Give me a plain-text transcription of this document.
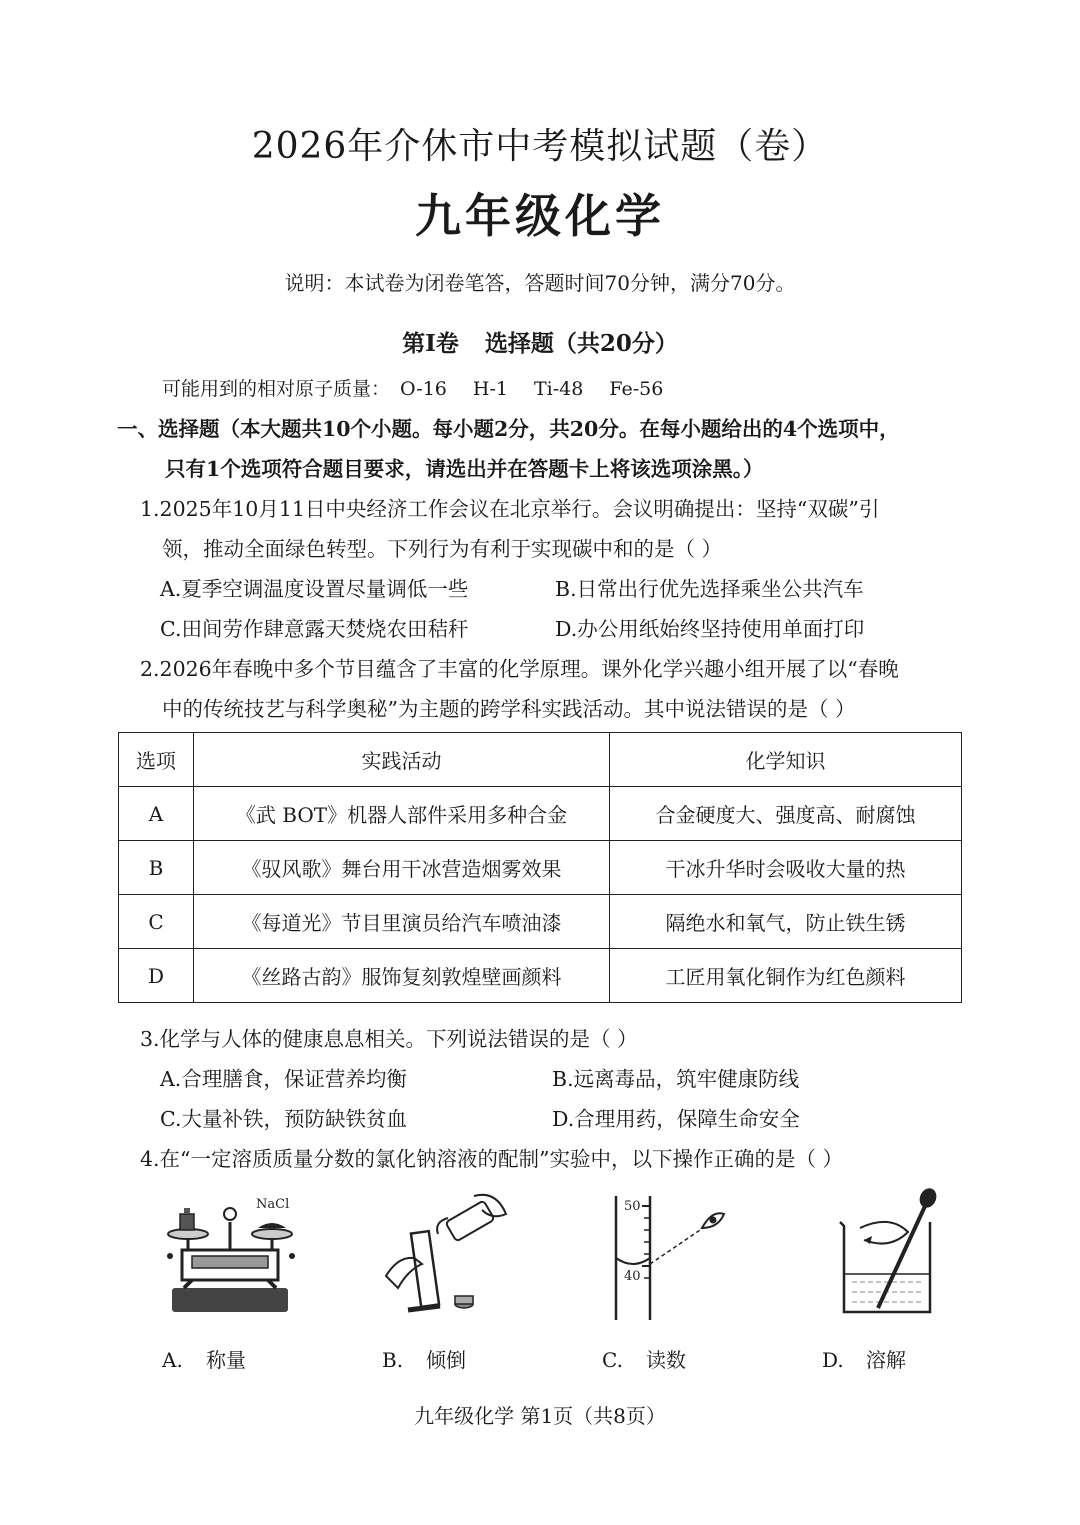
2026年介休市中考模拟试题（卷）
九年级化学
说明：本试卷为闭卷笔答，答题时间70分钟，满分70分。
第Ⅰ卷 选择题（共20分）
可能用到的相对原子质量： O-16 H-1 Ti-48 Fe-56
一、选择题（本大题共10个小题。每小题2分，共20分。在每小题给出的4个选项中，
只有1个选项符合题目要求，请选出并在答题卡上将该选项涂黑。）
1.2025年10月11日中央经济工作会议在北京举行。会议明确提出：坚持“双碳”引
领，推动全面绿色转型。下列行为有利于实现碳中和的是（ ）
A.夏季空调温度设置尽量调低一些	B.日常出行优先选择乘坐公共汽车
C.田间劳作肆意露天焚烧农田秸秆	D.办公用纸始终坚持使用单面打印
2.2026年春晚中多个节目蕴含了丰富的化学原理。课外化学兴趣小组开展了以“春晚
中的传统技艺与科学奥秘”为主题的跨学科实践活动。其中说法错误的是（ ）
选项	实践活动	化学知识
A	《武 BOT》机器人部件采用多种合金	合金硬度大、强度高、耐腐蚀
B	《驭风歌》舞台用干冰营造烟雾效果	干冰升华时会吸收大量的热
C	《每道光》节目里演员给汽车喷油漆	隔绝水和氧气，防止铁生锈
D	《丝路古韵》服饰复刻敦煌壁画颜料	工匠用氧化铜作为红色颜料
3.化学与人体的健康息息相关。下列说法错误的是（ ）
A.合理膳食，保证营养均衡	B.远离毒品，筑牢健康防线
C.大量补铁，预防缺铁贫血	D.合理用药，保障生命安全
4.在“一定溶质质量分数的氯化钠溶液的配制”实验中，以下操作正确的是（ ）
NaCl	50
40
A. 称量	B. 倾倒	C. 读数	D. 溶解
九年级化学 第1页（共8页）
